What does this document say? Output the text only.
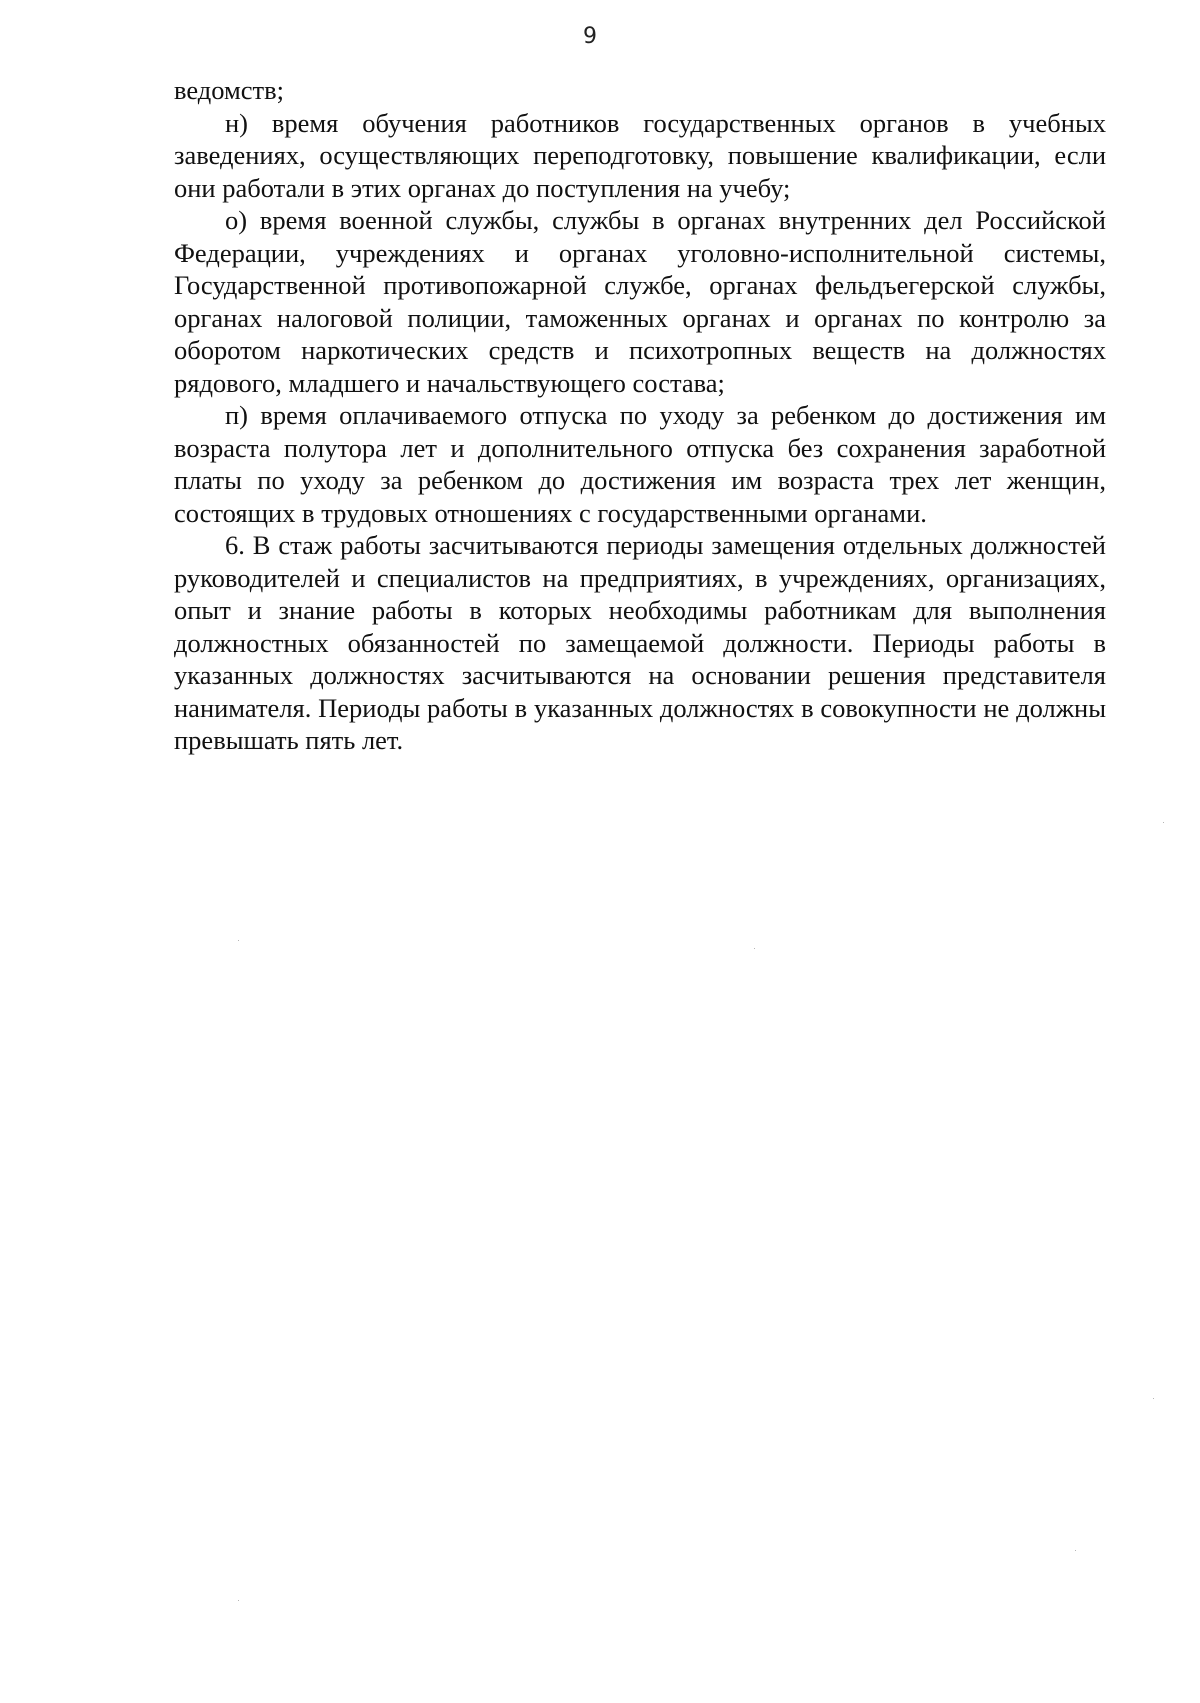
9

ведомств;

н) время обучения работников государственных органов в учебных заведениях, осуществляющих переподготовку, повышение квалификации, если они работали в этих органах до поступления на учебу;

о) время военной службы, службы в органах внутренних дел Российской Федерации, учреждениях и органах уголовно-исполнительной системы, Государственной противопожарной службе, органах фельдъегерской службы, органах налоговой полиции, таможенных органах и органах по контролю за оборотом наркотических средств и психотропных веществ на должностях рядового, младшего и начальствующего состава;

п) время оплачиваемого отпуска по уходу за ребенком до достижения им возраста полутора лет и дополнительного отпуска без сохранения заработной платы по уходу за ребенком до достижения им возраста трех лет женщин, состоящих в трудовых отношениях с государственными органами.

6. В стаж работы засчитываются периоды замещения отдельных должностей руководителей и специалистов на предприятиях, в учреждениях, организациях, опыт и знание работы в которых необходимы работникам для выполнения должностных обязанностей по замещаемой должности. Периоды работы в указанных должностях засчитываются на основании решения представителя нанимателя. Периоды работы в указанных должностях в совокупности не должны превышать пять лет.
